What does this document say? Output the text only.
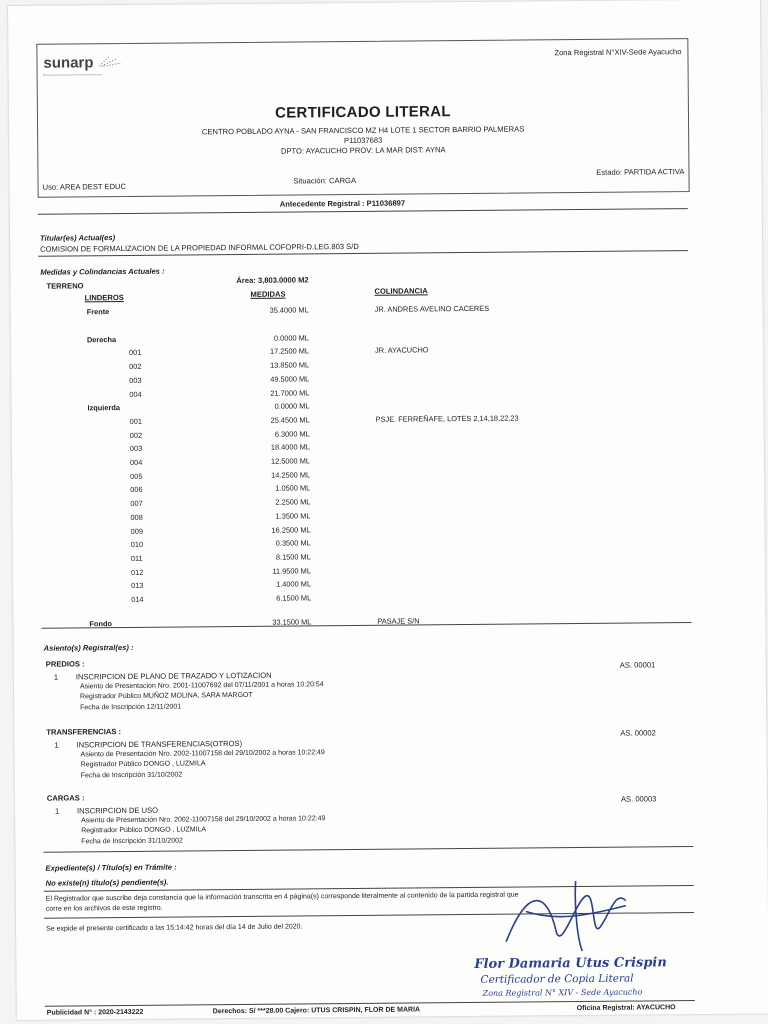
sunarp
Zona Registral N°XIV-Sede Ayacucho
CERTIFICADO LITERAL
CENTRO POBLADO AYNA - SAN FRANCISCO MZ H4 LOTE 1 SECTOR BARRIO PALMERAS
P11037683
DPTO: AYACUCHO PROV: LA MAR DIST: AYNA
Uso: AREA DEST EDUC
Situación: CARGA
Estado: PARTIDA ACTIVA
Antecedente Registral : P11036897
Titular(es) Actual(es)
COMISION DE FORMALIZACION DE LA PROPIEDAD INFORMAL COFOPRI-D.LEG.803 S/D
Medidas y Colindancias Actuales :
TERRENO
Área: 3,803.0000 M2
LINDEROS	MEDIDAS	COLINDANCIA
Frente	35.4000 ML	JR. ANDRES AVELINO CACERES
Derecha	0.0000 ML
001	17.2500 ML	JR. AYACUCHO
002	13.8500 ML
003	49.5000 ML
004	21.7000 ML
Izquierda	0.0000 ML
001	25.4500 ML	PSJE. FERREÑAFE, LOTES 2,14,18,22,23
002	6.3000 ML
003	18.4000 ML
004	12.5000 ML
005	14.2500 ML
006	1.0500 ML
007	2.2500 ML
008	1.3500 ML
009	16.2500 ML
010	0.3500 ML
011	8.1500 ML
012	11.9500 ML
013	1.4000 ML
014	6.1500 ML
Fondo	33.1500 ML	PASAJE S/N
Asiento(s) Registral(es) :
PREDIOS :
1
AS. 00001
INSCRIPCION DE PLANO DE TRAZADO Y LOTIZACION
Asiento de Presentación Nro. 2001-11007692 del 07/11/2001 a horas 10:20:54
Registrador Público MUÑOZ MOLINA, SARA MARGOT
Fecha de Inscripción 12/11/2001
TRANSFERENCIAS :
1
AS. 00002
INSCRIPCION DE TRANSFERENCIAS(OTROS)
Asiento de Presentación Nro. 2002-11007158 del 29/10/2002 a horas 10:22:49
Registrador Público DONGO , LUZMILA
Fecha de Inscripción 31/10/2002
CARGAS :
1
AS. 00003
INSCRIPCION DE USO
Asiento de Presentación Nro. 2002-11007158 del 29/10/2002 a horas 10:22:49
Registrador Público DONGO , LUZMILA
Fecha de Inscripción 31/10/2002
Expediente(s) / Título(s) en Trámite :
No existe(n) título(s) pendiente(s).
El Registrador que suscribe deja constancia que la información transcrita en 4 página(s) corresponde literalmente al contenido de la partida registral que
corre en los archivos de este registro.
Se expide el presente certificado a las 15:14:42 horas del día 14 de Julio del 2020.
Flor Damaria Utus Crispin
Certificador de Copia Literal
Zona Registral N° XIV - Sede Ayacucho
Publicidad N° : 2020-2143222	Derechos: S/ ***28.00 Cajero: UTUS CRISPIN, FLOR DE MARIA	Oficina Registral: AYACUCHO
